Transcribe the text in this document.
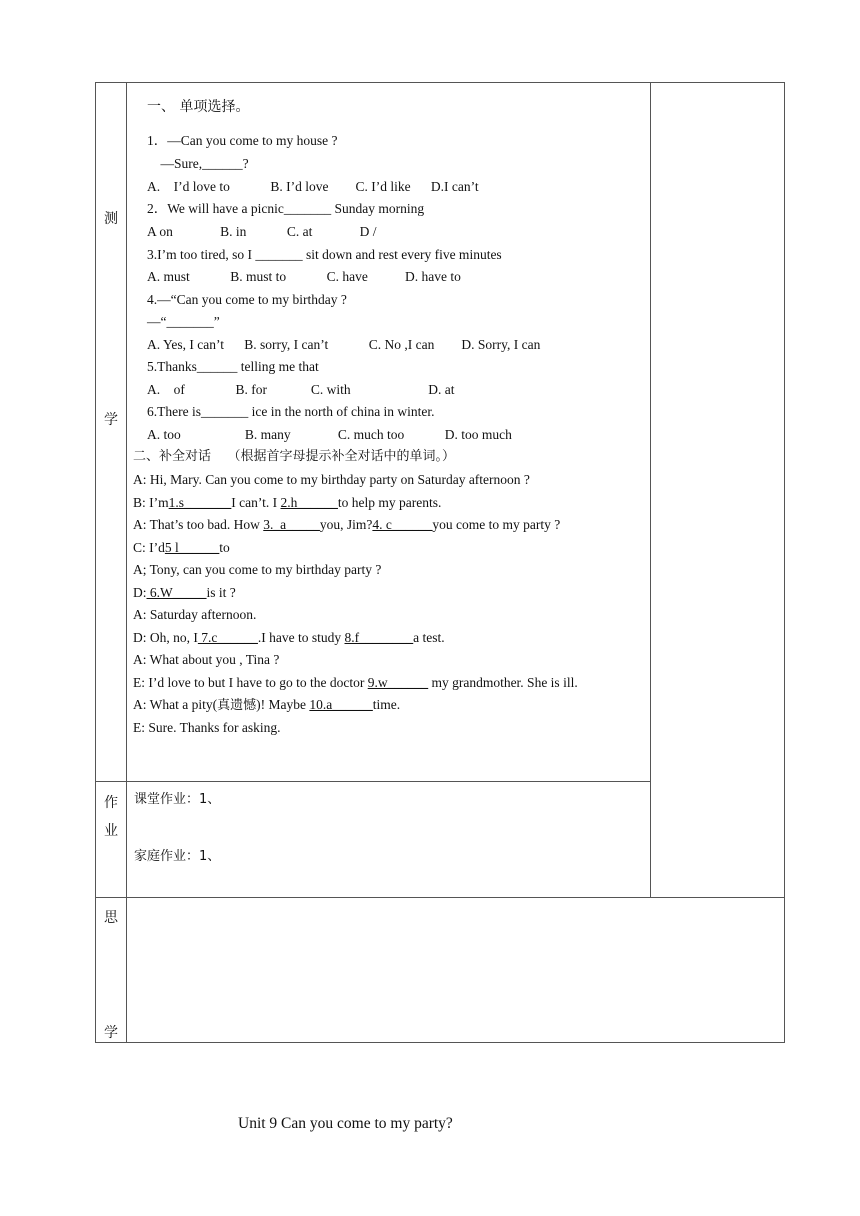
测
学
作
业
思
学
一、 单项选择。
1．—Can you come to my house ?
—Sure,______?
A.    I’d love to            B. I’d love        C. I’d like      D.I can’t
2．We will have a picnic_______ Sunday morning
A on              B. in            C. at              D /
3.I’m too tired, so I _______ sit down and rest every five minutes
A. must            B. must to            C. have           D. have to
4.—“Can you come to my birthday ?
—“_______”
A. Yes, I can’t      B. sorry, I can’t            C. No ,I can        D. Sorry, I can
5.Thanks______ telling me that
A.    of               B. for             C. with                       D. at
6.There is_______ ice in the north of china in winter.
A. too                   B. many              C. much too            D. too much
二、补全对话    （根据首字母提示补全对话中的单词。）
A: Hi, Mary. Can you come to my birthday party on Saturday afternoon ?
B: I’m1.s_______I can’t. I 2.h______to help my parents.
A: That’s too bad. How 3._a_____you, Jim?4. c______you come to my party ?
C: I’d5 l______to
A; Tony, can you come to my birthday party ?
D: 6.W_____is it ?
A: Saturday afternoon.
D: Oh, no, I 7.c______.I have to study 8.f________a test.
A: What about you , Tina ?
E: I’d love to but I have to go to the doctor 9.w______ my grandmother. She is ill.
A: What a pity(真遗憾)! Maybe 10.a______time.
E: Sure. Thanks for asking.
课堂作业：1、
家庭作业：1、
Unit 9 Can you come to my party?
